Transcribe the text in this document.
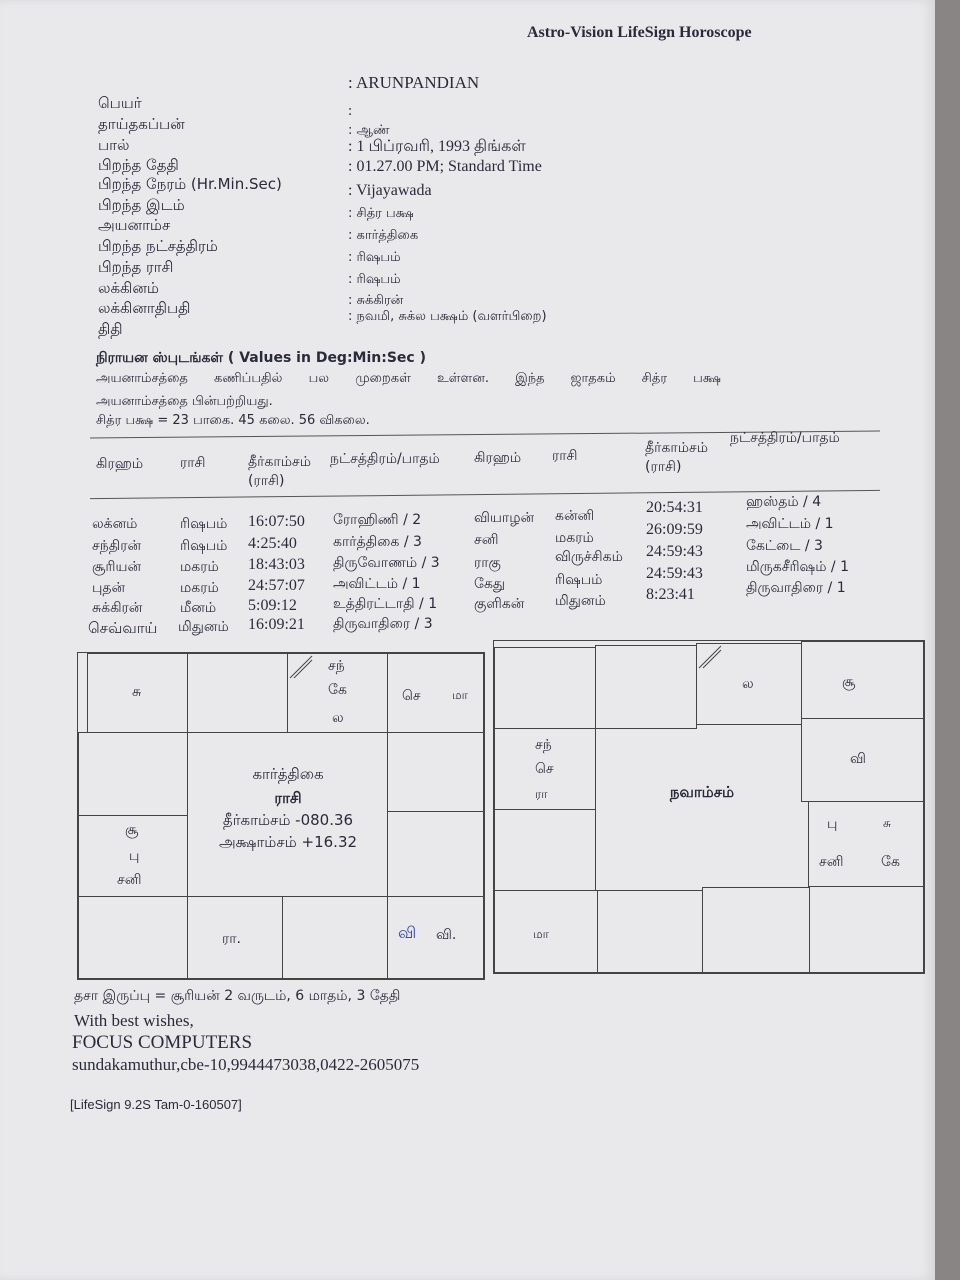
Astro-Vision LifeSign Horoscope
பெயர்
: ARUNPANDIAN
தாய்தகப்பன்
:
பால்
: ஆண்
பிறந்த தேதி
: 1 பிப்ரவரி, 1993 திங்கள்
பிறந்த நேரம் (Hr.Min.Sec)
: 01.27.00 PM; Standard Time
பிறந்த இடம்
: Vijayawada
அயனாம்ச
: சித்ர பக்ஷ
பிறந்த நட்சத்திரம்
: கார்த்திகை
பிறந்த ராசி
: ரிஷபம்
லக்கினம்	: ரிஷபம்
லக்கினாதிபதி	: சுக்கிரன்
திதி
: நவமி, சுக்ல பக்ஷம் (வளர்பிறை)
நிராயன ஸ்புடங்கள் ( Values in Deg:Min:Sec )
அயனாம்சத்தை கணிப்பதில் பல முறைகள் உள்ளன. இந்த ஜாதகம் சித்ர பக்ஷ
அயனாம்சத்தை பின்பற்றியது.
சித்ர பக்ஷ = 23 பாகை. 45 கலை. 56 விகலை.
கிரஹம்	ராசி	தீர்காம்சம்
(ராசி)
நட்சத்திரம்/பாதம் கிரஹம் ராசி	தீர்காம்சம்
(ராசி)
நட்சத்திரம்/பாதம்
லக்னம்	ரிஷபம் 16:07:50 ரோஹிணி / 2
சந்திரன்	ரிஷபம் 4:25:40	கார்த்திகை / 3
சூரியன்	மகரம் 18:43:03 திருவோணம் / 3
புதன்	மகரம் 24:57:07 அவிட்டம் / 1
சுக்கிரன்	மீனம் 5:09:12	உத்திரட்டாதி / 1
செவ்வாய் மிதுனம் 16:09:21 திருவாதிரை / 3
வியாழன் கன்னி	20:54:31	ஹஸ்தம் / 4
சனி	மகரம்	26:09:59	அவிட்டம் / 1
ராகு	விருச்சிகம் 24:59:43	கேட்டை / 3
கேது	ரிஷபம்	24:59:43	மிருகசீரிஷம் / 1
குளிகன் மிதுனம்	8:23:41	திருவாதிரை / 1
சு
சந்
கே
ல
செ	மா
சூ
பு
சனி
ரா.	வி வி.
கார்த்திகை
ராசி
தீர்காம்சம் -080.36
அக்ஷாம்சம் +16.32
ல	சூ
சந்
செ
ரா
வி
பு	சு
சனி	கே
மா
நவாம்சம்
தசா இருப்பு = சூரியன் 2 வருடம், 6 மாதம், 3 தேதி
With best wishes,
FOCUS COMPUTERS
sundakamuthur,cbe-10,9944473038,0422-2605075
[LifeSign 9.2S Tam-0-160507]
